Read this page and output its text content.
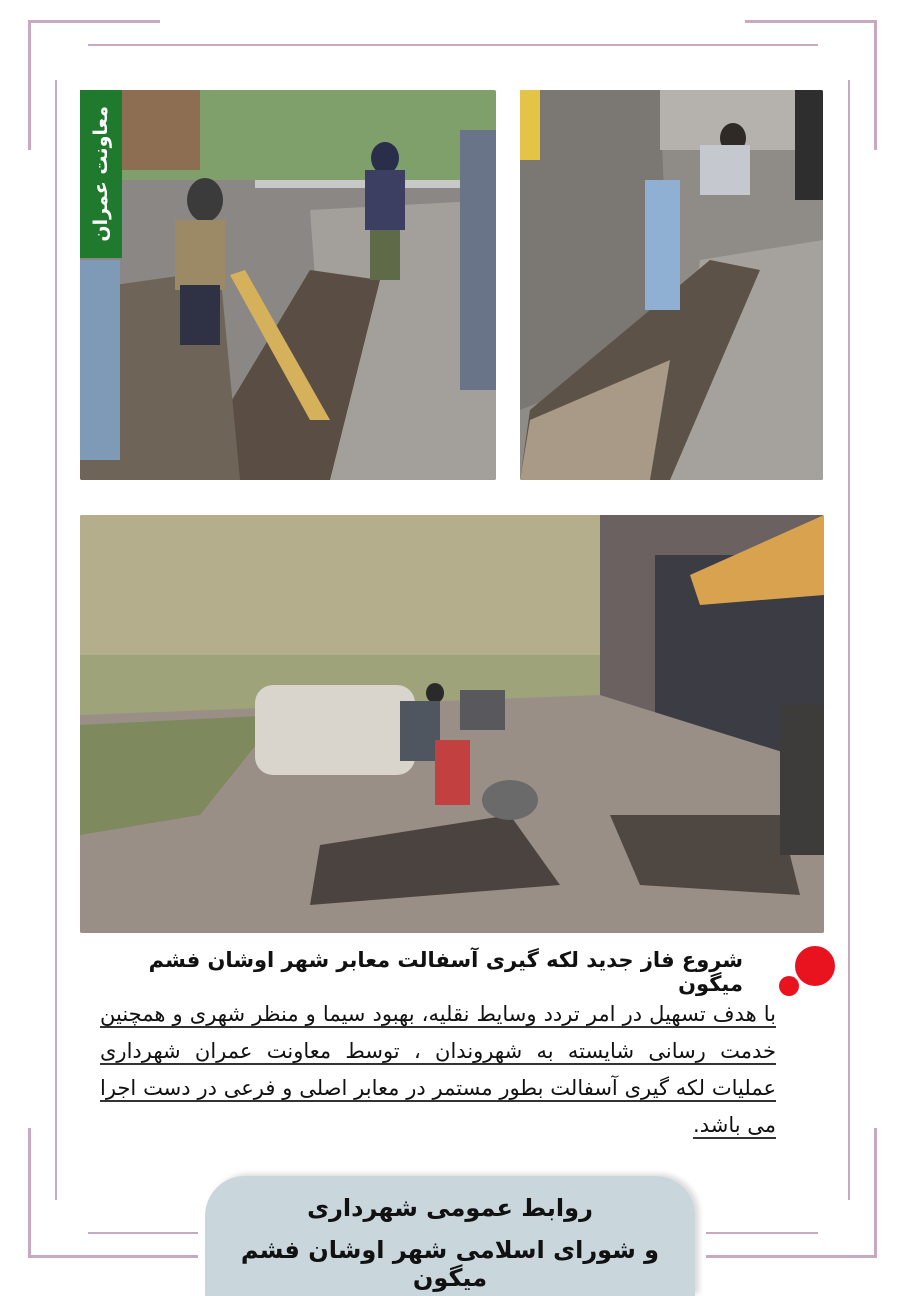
معاونت عمران
شروع فاز جدید لکه گیری آسفالت معابر شهر اوشان فشم میگون
با هدف تسهیل در امر تردد وسایط نقلیه، بهبود سیما و منظر شهری و همچنین خدمت رسانی شایسته به شهروندان ، توسط معاونت عمران شهرداری عملیات لکه گیری آسفالت بطور مستمر در معابر اصلی و فرعی در دست اجرا می باشد.
روابط عمومی شهرداری
و شورای اسلامی شهر اوشان فشم میگون
